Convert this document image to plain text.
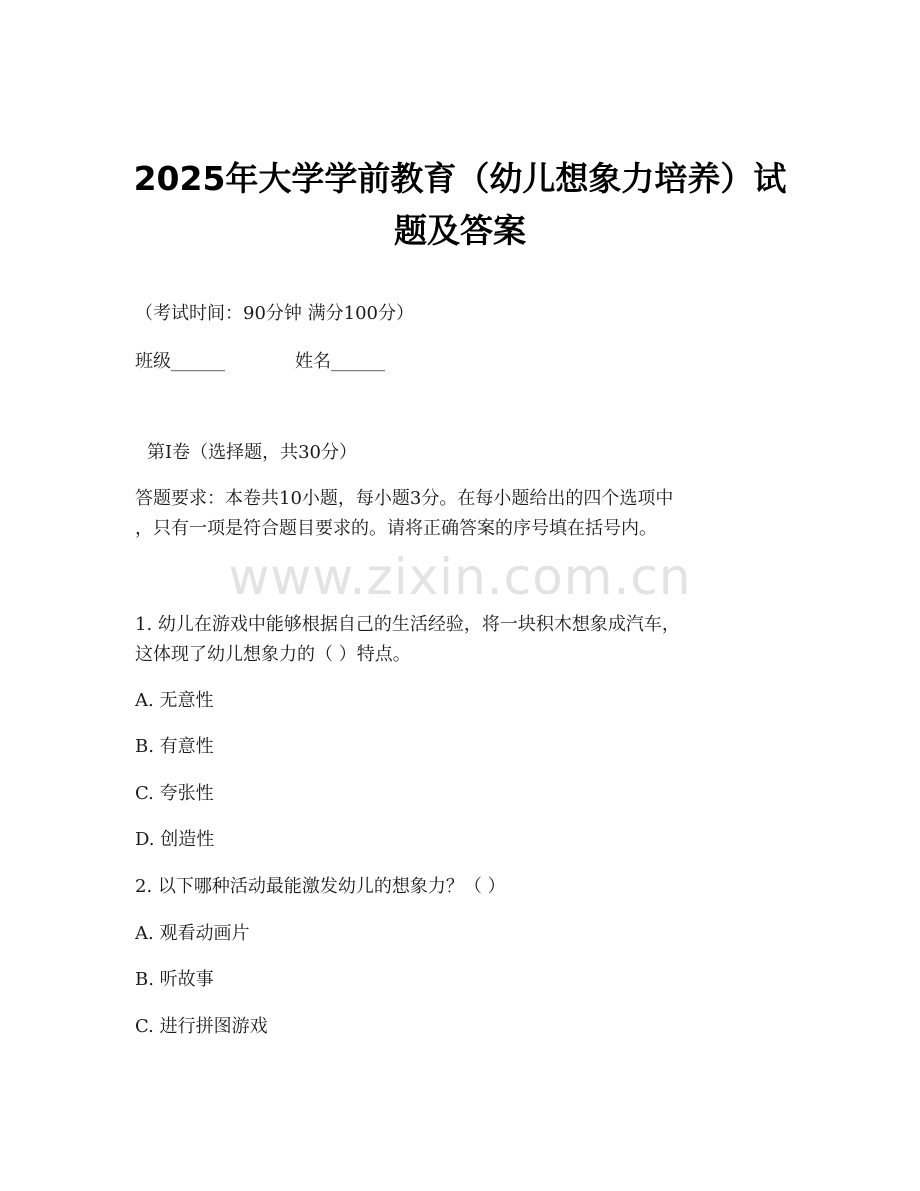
www.zixin.com.cn
2025年大学学前教育（幼儿想象力培养）试
题及答案
（考试时间：90分钟 满分100分）
班级______	姓名______
第I卷（选择题，共30分）
答题要求：本卷共10小题，每小题3分。在每小题给出的四个选项中
，只有一项是符合题目要求的。请将正确答案的序号填在括号内。
1. 幼儿在游戏中能够根据自己的生活经验，将一块积木想象成汽车，
这体现了幼儿想象力的（ ）特点。
A. 无意性
B. 有意性
C. 夸张性
D. 创造性
2. 以下哪种活动最能激发幼儿的想象力？（ ）
A. 观看动画片
B. 听故事
C. 进行拼图游戏
